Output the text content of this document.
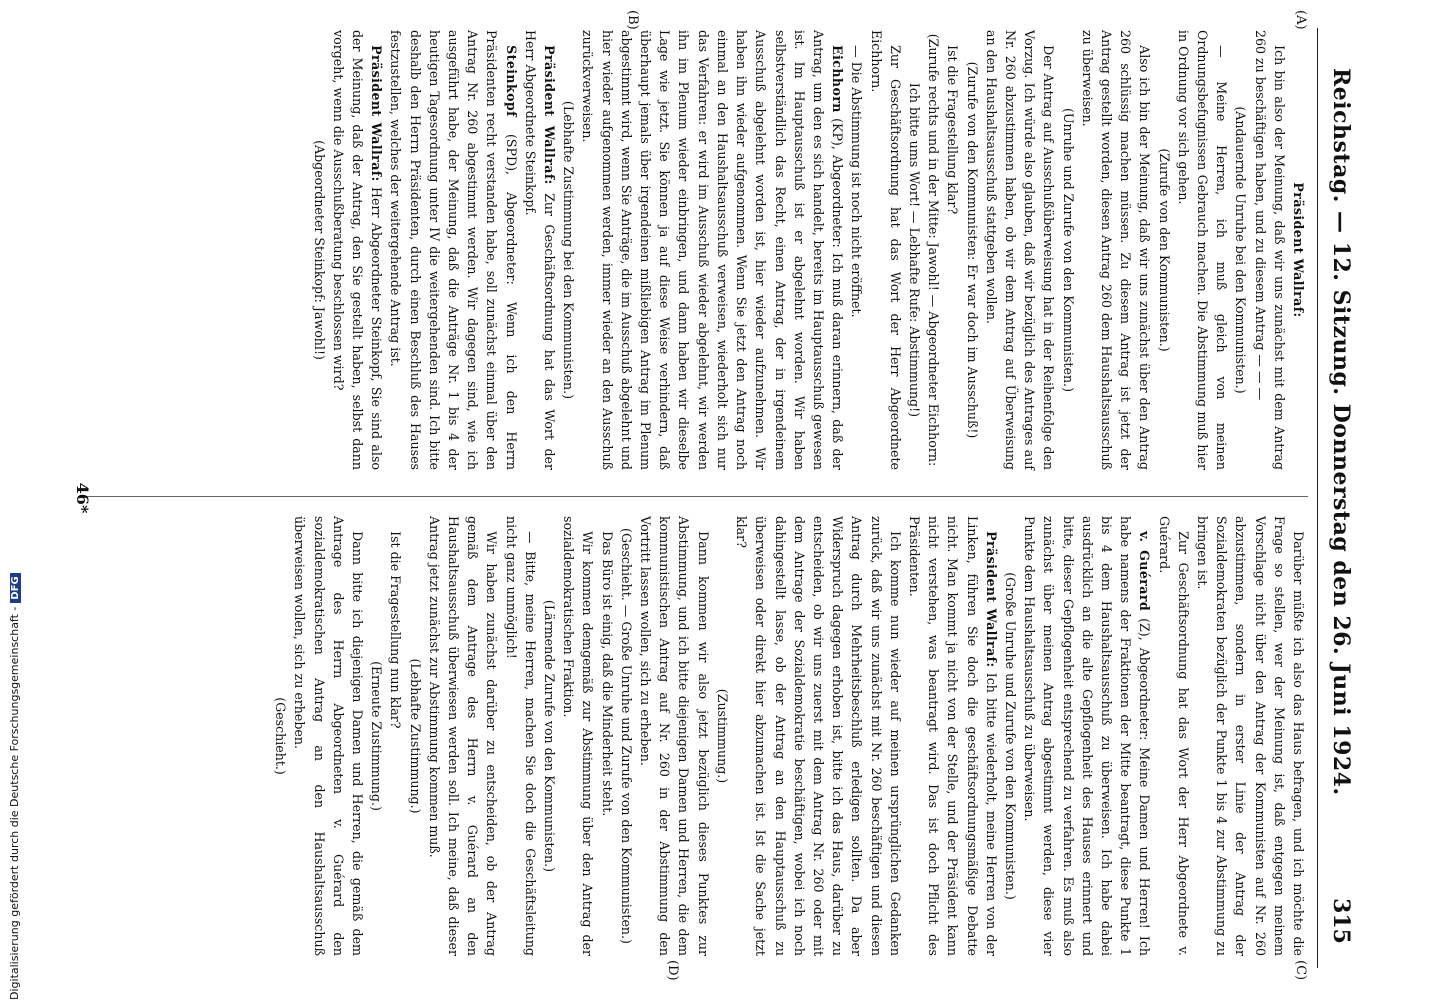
Reichstag. — 12. Sitzung. Donnerstag den 26. Juni 1924.
315
(A)
(B)
(C)
(D)

Präsident Wallraf:

Ich bin also der Meinung, daß wir uns zunächst mit dem Antrag 260 zu beschäftigen haben, und zu diesem Antrag — — —

(Andauernde Unruhe bei den Kommunisten.)

— Meine Herren, ich muß gleich von meinen Ordnungsbefugnissen Gebrauch machen. Die Abstimmung muß hier in Ordnung vor sich gehen.

(Zurufe von den Kommunisten.)

Also ich bin der Meinung, daß wir uns zunächst über den Antrag 260 schlüssig machen müssen. Zu diesem Antrag ist jetzt der Antrag gestellt worden, diesen Antrag 260 dem Haushaltsausschuß zu überweisen.

(Unruhe und Zurufe von den Kommunisten.)

Der Antrag auf Ausschußüberweisung hat in der Reihenfolge den Vorzug. Ich würde also glauben, daß wir bezüglich des Antrages auf Nr. 260 abzustimmen haben, ob wir dem Antrag auf Überweisung an den Haushaltsausschuß stattgeben wollen.

(Zurufe von den Kommunisten: Er war doch im Ausschuß!)

Ist die Fragestellung klar?

(Zurufe rechts und in der Mitte: Jawohl! — Abgeordneter Eichhorn: Ich bitte ums Wort! — Lebhafte Rufe: Abstimmung!)

Zur Geschäftsordnung hat das Wort der Herr Abgeordnete Eichhorn.

— Die Abstimmung ist noch nicht eröffnet.

Eichhorn (KP), Abgeordneter: Ich muß daran erinnern, daß der Antrag, um den es sich handelt, bereits im Hauptausschuß gewesen ist. Im Hauptausschuß ist er abgelehnt worden. Wir haben selbstverständlich das Recht, einen Antrag, der in irgendeinem Ausschuß abgelehnt worden ist, hier wieder aufzunehmen. Wir haben ihn wieder aufgenommen. Wenn Sie jetzt den Antrag noch einmal an den Haushaltsausschuß verweisen, wiederholt sich nur das Verfahren: er wird im Ausschuß wieder abgelehnt, wir werden ihn im Plenum wieder einbringen, und dann haben wir dieselbe Lage wie jetzt. Sie können ja auf diese Weise verhindern, daß überhaupt jemals über irgendeinen mißliebigen Antrag im Plenum abgestimmt wird, wenn Sie Anträge, die im Ausschuß abgelehnt und hier wieder aufgenommen werden, immer wieder an den Ausschuß zurückverweisen.

(Lebhafte Zustimmung bei den Kommunisten.)

Präsident Wallraf: Zur Geschäftsordnung hat das Wort der Herr Abgeordnete Steinkopf.

Steinkopf (SPD), Abgeordneter: Wenn ich den Herrn Präsidenten recht verstanden habe, soll zunächst einmal über den Antrag Nr. 260 abgestimmt werden. Wir dagegen sind, wie ich ausgeführt habe, der Meinung, daß die Anträge Nr. 1 bis 4 der heutigen Tagesordnung unter IV die weitergehenden sind. Ich bitte deshalb den Herrn Präsidenten, durch einen Beschluß des Hauses festzustellen, welches der weitergehende Antrag ist.

Präsident Wallraf: Herr Abgeordneter Steinkopf, Sie sind also der Meinung, daß der Antrag, den Sie gestellt haben, selbst dann vorgeht, wenn die Ausschußberatung beschlossen wird?

(Abgeordneter Steinkopf: Jawohl!)

Darüber müßte ich also das Haus befragen, und ich möchte die Frage so stellen, wer der Meinung ist, daß entgegen meinem Vorschlage nicht über den Antrag der Kommunisten auf Nr. 260 abzustimmen, sondern in erster Linie der Antrag der Sozialdemokraten bezüglich der Punkte 1 bis 4 zur Abstimmung zu bringen ist.

Zur Geschäftsordnung hat das Wort der Herr Abgeordnete v. Guérard.

v. Guérard (Z), Abgeordneter: Meine Damen und Herren! Ich habe namens der Fraktionen der Mitte beantragt, diese Punkte 1 bis 4 dem Haushaltsausschuß zu überweisen. Ich habe dabei ausdrücklich an die alte Gepflogenheit des Hauses erinnert und bitte, dieser Gepflogenheit entsprechend zu verfahren. Es muß also zunächst über meinen Antrag abgestimmt werden, diese vier Punkte dem Haushaltsausschuß zu überweisen.

(Große Unruhe und Zurufe von den Kommunisten.)

Präsident Wallraf: Ich bitte wiederholt, meine Herren von der Linken, führen Sie doch die geschäftsordnungsmäßige Debatte nicht. Man kommt ja nicht von der Stelle, und der Präsident kann nicht verstehen, was beantragt wird. Das ist doch Pflicht des Präsidenten.

Ich komme nun wieder auf meinen ursprünglichen Gedanken zurück, daß wir uns zunächst mit Nr. 260 beschäftigen und diesen Antrag durch Mehrheitsbeschluß erledigen sollten. Da aber Widerspruch dagegen erhoben ist, bitte ich das Haus, darüber zu entscheiden, ob wir uns zuerst mit dem Antrag Nr. 260 oder mit dem Antrage der Sozialdemokratie beschäftigen, wobei ich noch dahingestellt lasse, ob der Antrag an den Hauptausschuß zu überweisen oder direkt hier abzumachen ist. Ist die Sache jetzt klar?

(Zustimmung.)

Dann kommen wir also jetzt bezüglich dieses Punktes zur Abstimmung, und ich bitte diejenigen Damen und Herren, die dem kommunistischen Antrag auf Nr. 260 in der Abstimmung den Vortritt lassen wollen, sich zu erheben.

(Geschieht. — Große Unruhe und Zurufe von den Kommunisten.)

Das Büro ist einig, daß die Minderheit steht.

Wir kommen demgemäß zur Abstimmung über den Antrag der sozialdemokratischen Fraktion.

(Lärmende Zurufe von den Kommunisten.)

— Bitte, meine Herren, machen Sie doch die Geschäftsleitung nicht ganz unmöglich!

Wir haben zunächst darüber zu entscheiden, ob der Antrag gemäß dem Antrage des Herrn v. Guérard an den Haushaltsausschuß überwiesen werden soll. Ich meine, daß dieser Antrag jetzt zunächst zur Abstimmung kommen muß.

(Lebhafte Zustimmung.)

Ist die Fragestellung nun klar?

(Erneute Zustimmung.)

Dann bitte ich diejenigen Damen und Herren, die gemäß dem Antrage des Herrn Abgeordneten v. Guérard den sozialdemokratischen Antrag an den Haushaltsausschuß überweisen wollen, sich zu erheben.

(Geschieht.)

46*
Digitalisierung gefördert durch die Deutsche Forschungsgemeinschaft -DFG
